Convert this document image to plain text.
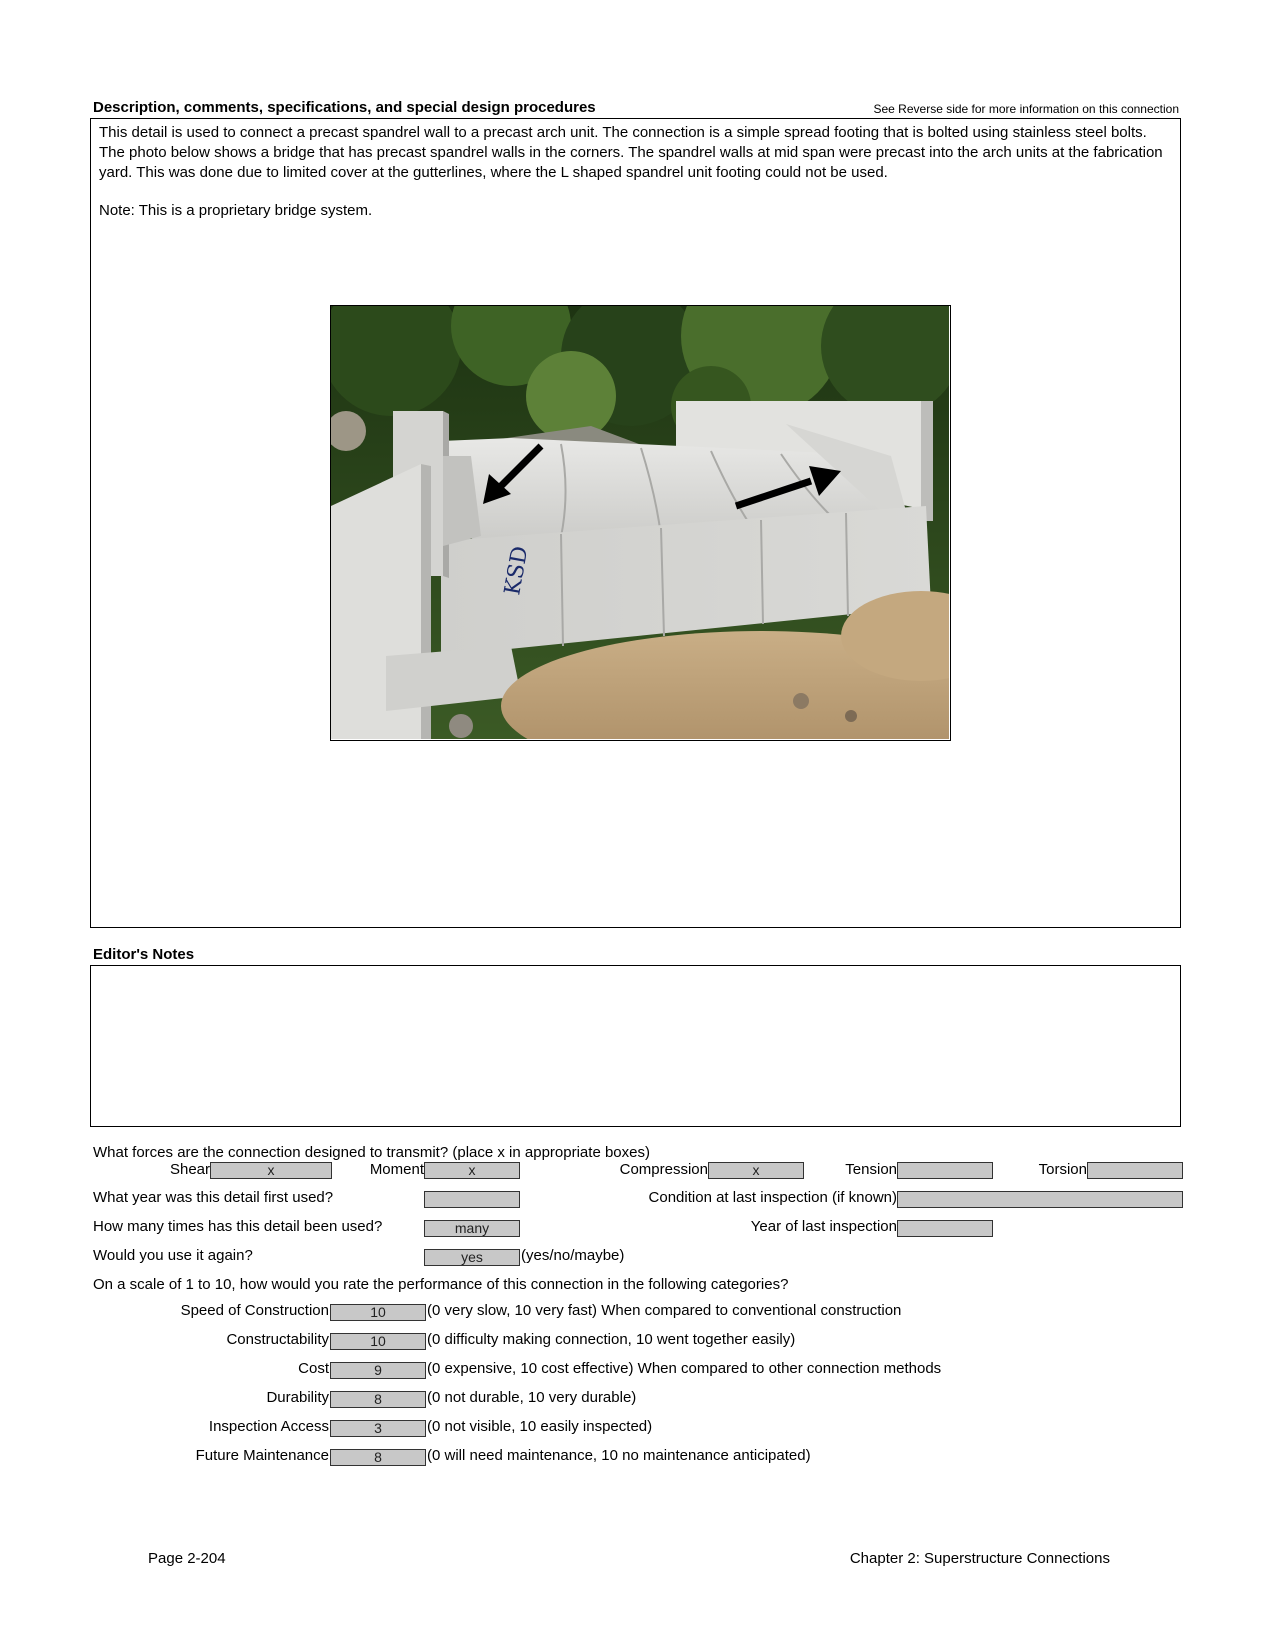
Description, comments, specifications, and special design procedures	See Reverse side for more information on this connection
This detail is used to connect a precast spandrel wall to a precast arch unit. The connection is a simple spread footing that is bolted using stainless steel bolts. The photo below shows a bridge that has precast spandrel walls in the corners. The spandrel walls at mid span were precast into the arch units at the fabrication yard. This was done due to limited cover at the gutterlines, where the L shaped spandrel unit footing could not be used.
Note: This is a proprietary bridge system.
KSD
Editor's Notes
What forces are the connection designed to transmit? (place x in appropriate boxes)
Shear	x	Moment	x	Compression	x	Tension	Torsion
What year was this detail first used?	Condition at last inspection (if known)
How many times has this detail been used?	many	Year of last inspection
Would you use it again?	yes	(yes/no/maybe)
On a scale of 1 to 10, how would you rate the performance of this connection in the following categories?
Speed of Construction	10	(0 very slow, 10 very fast) When compared to conventional construction
Constructability	10	(0 difficulty making connection, 10 went together easily)
Cost	9	(0 expensive, 10 cost effective) When compared to other connection methods
Durability	8	(0 not durable, 10 very durable)
Inspection Access	3	(0 not visible, 10 easily inspected)
Future Maintenance	8	(0 will need maintenance, 10 no maintenance anticipated)
Page 2-204	Chapter 2: Superstructure Connections
